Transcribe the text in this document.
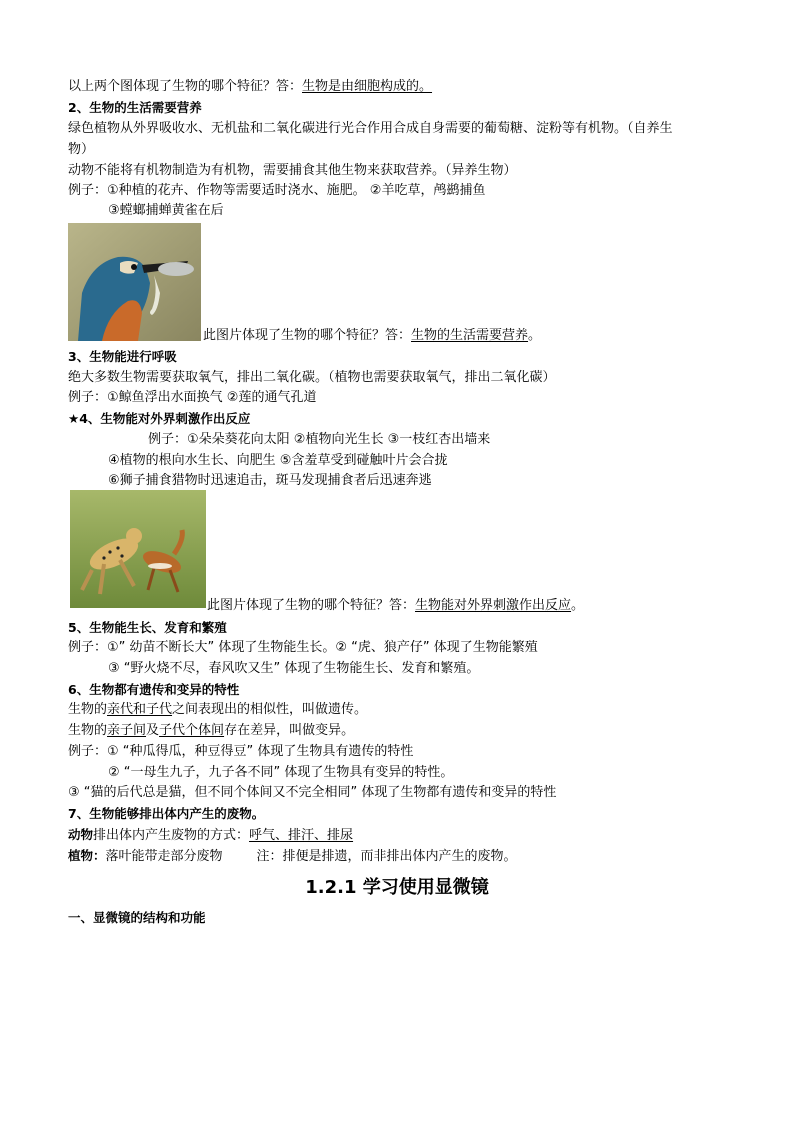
以上两个图体现了生物的哪个特征？答：生物是由细胞构成的。
2、生物的生活需要营养
绿色植物从外界吸收水、无机盐和二氧化碳进行光合作用合成自身需要的葡萄糖、淀粉等有机物。（自养生
物）
动物不能将有机物制造为有机物，需要捕食其他生物来获取营养。（异养生物）
例子：①种植的花卉、作物等需要适时浇水、施肥。 ②羊吃草，鸬鹚捕鱼
③螳螂捕蝉黄雀在后
此图片体现了生物的哪个特征？答：生物的生活需要营养。
3、生物能进行呼吸
绝大多数生物需要获取氧气，排出二氧化碳。（植物也需要获取氧气，排出二氧化碳）
例子：①鲸鱼浮出水面换气 ②莲的通气孔道
★4、生物能对外界刺激作出反应
例子：①朵朵葵花向太阳 ②植物向光生长 ③一枝红杏出墙来
④植物的根向水生长、向肥生 ⑤含羞草受到碰触叶片会合拢
⑥狮子捕食猎物时迅速追击，斑马发现捕食者后迅速奔逃
此图片体现了生物的哪个特征？答：生物能对外界刺激作出反应。
5、生物能生长、发育和繁殖
例子：①” 幼苗不断长大” 体现了生物能生长。② “虎、狼产仔” 体现了生物能繁殖
③ “野火烧不尽，春风吹又生” 体现了生物能生长、发育和繁殖。
6、生物都有遗传和变异的特性
生物的亲代和子代之间表现出的相似性，叫做遗传。
生物的亲子间及子代个体间存在差异，叫做变异。
例子：① “种瓜得瓜，种豆得豆” 体现了生物具有遗传的特性
② “一母生九子，九子各不同” 体现了生物具有变异的特性。
③ “猫的后代总是猫，但不同个体间又不完全相同” 体现了生物都有遗传和变异的特性
7、生物能够排出体内产生的废物。
动物排出体内产生废物的方式：呼气、排汗、排尿
植物：落叶能带走部分废物	注：排便是排遗，而非排出体内产生的废物。
1.2.1 学习使用显微镜
一、显微镜的结构和功能
